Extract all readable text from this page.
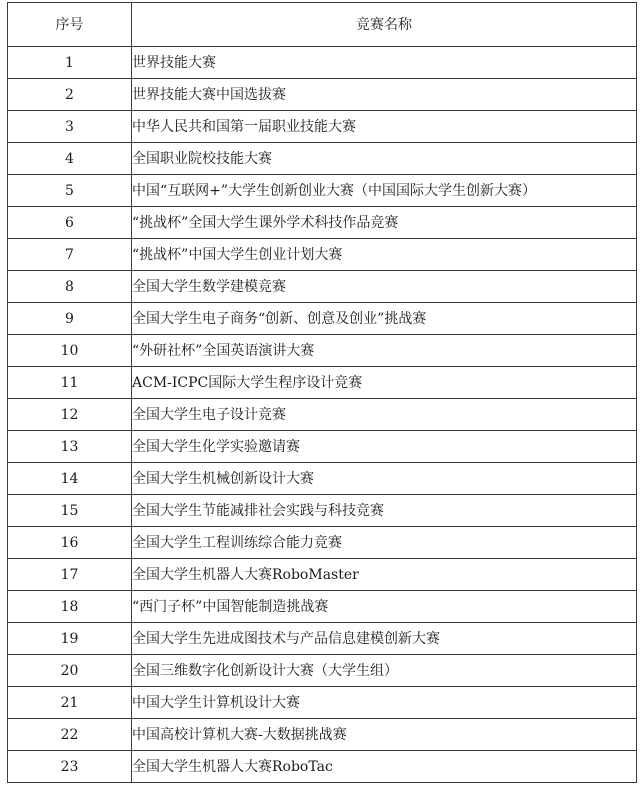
序号	竞赛名称
1	世界技能大赛
2	世界技能大赛中国选拔赛
3	中华人民共和国第一届职业技能大赛
4	全国职业院校技能大赛
5	中国“互联网+”大学生创新创业大赛（中国国际大学生创新大赛）
6	“挑战杯”全国大学生课外学术科技作品竞赛
7	“挑战杯”中国大学生创业计划大赛
8	全国大学生数学建模竞赛
9	全国大学生电子商务“创新、创意及创业”挑战赛
10	“外研社杯”全国英语演讲大赛
11	ACM-ICPC国际大学生程序设计竞赛
12	全国大学生电子设计竞赛
13	全国大学生化学实验邀请赛
14	全国大学生机械创新设计大赛
15	全国大学生节能减排社会实践与科技竞赛
16	全国大学生工程训练综合能力竞赛
17	全国大学生机器人大赛RoboMaster
18	“西门子杯”中国智能制造挑战赛
19	全国大学生先进成图技术与产品信息建模创新大赛
20	全国三维数字化创新设计大赛（大学生组）
21	中国大学生计算机设计大赛
22	中国高校计算机大赛-大数据挑战赛
23	全国大学生机器人大赛RoboTac
